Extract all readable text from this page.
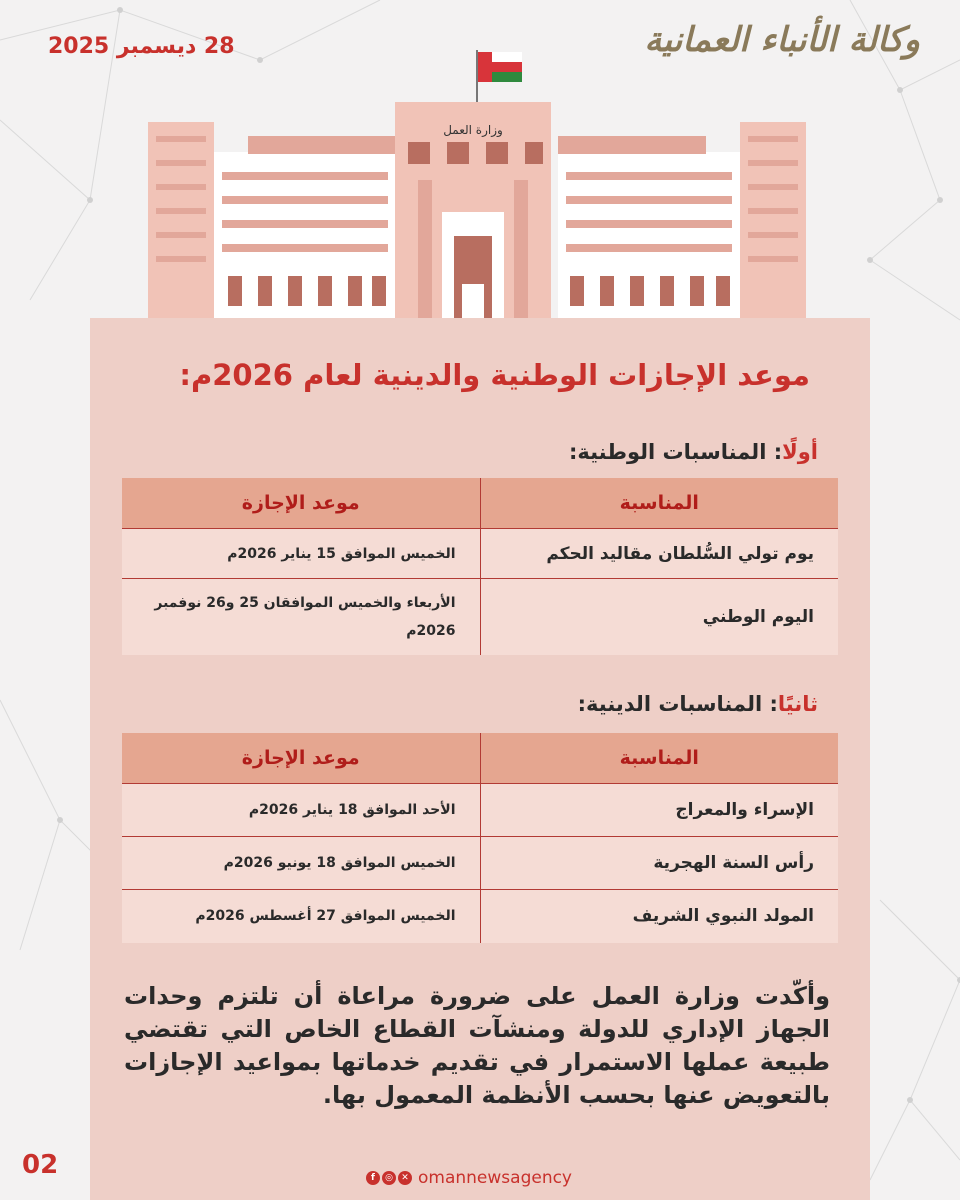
28 ديسمبر 2025	وكالة الأنباء العمانية
وزارة العمل
موعد الإجازات الوطنية والدينية لعام 2026م:
أولًا: المناسبات الوطنية:
المناسبة	موعد الإجازة
يوم تولي السُّلطان مقاليد الحكم	الخميس الموافق 15 يناير 2026م
اليوم الوطني	الأربعاء والخميس الموافقان 25 و26 نوفمبر 2026م
ثانيًا: المناسبات الدينية:
المناسبة	موعد الإجازة
الإسراء والمعراج	الأحد الموافق 18 يناير 2026م
رأس السنة الهجرية	الخميس الموافق 18 يونيو 2026م
المولد النبوي الشريف	الخميس الموافق 27 أغسطس 2026م

وأكّدت وزارة العمل على ضرورة مراعاة أن تلتزم وحدات الجهاز الإداري للدولة ومنشآت القطاع الخاص التي تقتضي طبيعة عملها الاستمرار في تقديم خدماتها بمواعيد الإجازات بالتعويض عنها بحسب الأنظمة المعمول بها.

02	f	◎ ✕ omannewsagency
